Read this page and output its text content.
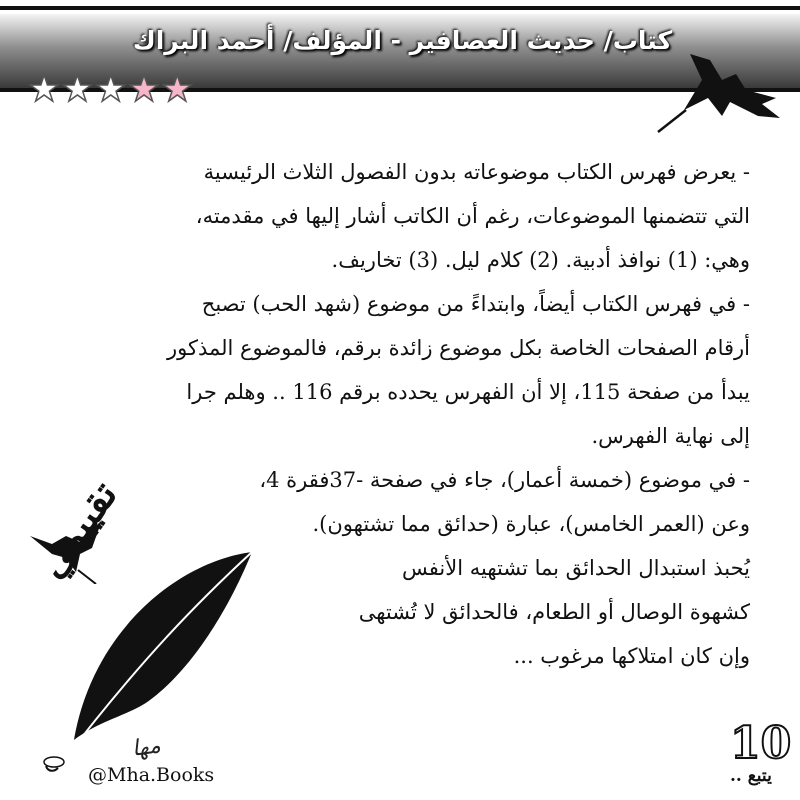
كتاب/ حديث العصافير - المؤلف/ أحمد البراك
★ ★ ★ ★ ★
تقييمي

- يعرض فهرس الكتاب موضوعاته بدون الفصول الثلاث الرئيسية

التي تتضمنها الموضوعات، رغم أن الكاتب أشار إليها في مقدمته،

وهي: (1) نوافذ أدبية. (2) كلام ليل. (3) تخاريف.

- في فهرس الكتاب أيضاً، وابتداءً من موضوع (شهد الحب) تصبح

أرقام الصفحات الخاصة بكل موضوع زائدة برقم، فالموضوع المذكور

يبدأ من صفحة 115، إلا أن الفهرس يحدده برقم 116 .. وهلم جرا

إلى نهاية الفهرس.

- في موضوع (خمسة أعمار)، جاء في صفحة -37فقرة 4،

وعن (العمر الخامس)، عبارة (حدائق مما تشتهون).

يُحبذ استبدال الحدائق بما تشتهيه الأنفس

كشهوة الوصال أو الطعام، فالحدائق لا تُشتهى

وإن كان امتلاكها مرغوب ...

مها
@Mha.Books
10
يتبع ..
